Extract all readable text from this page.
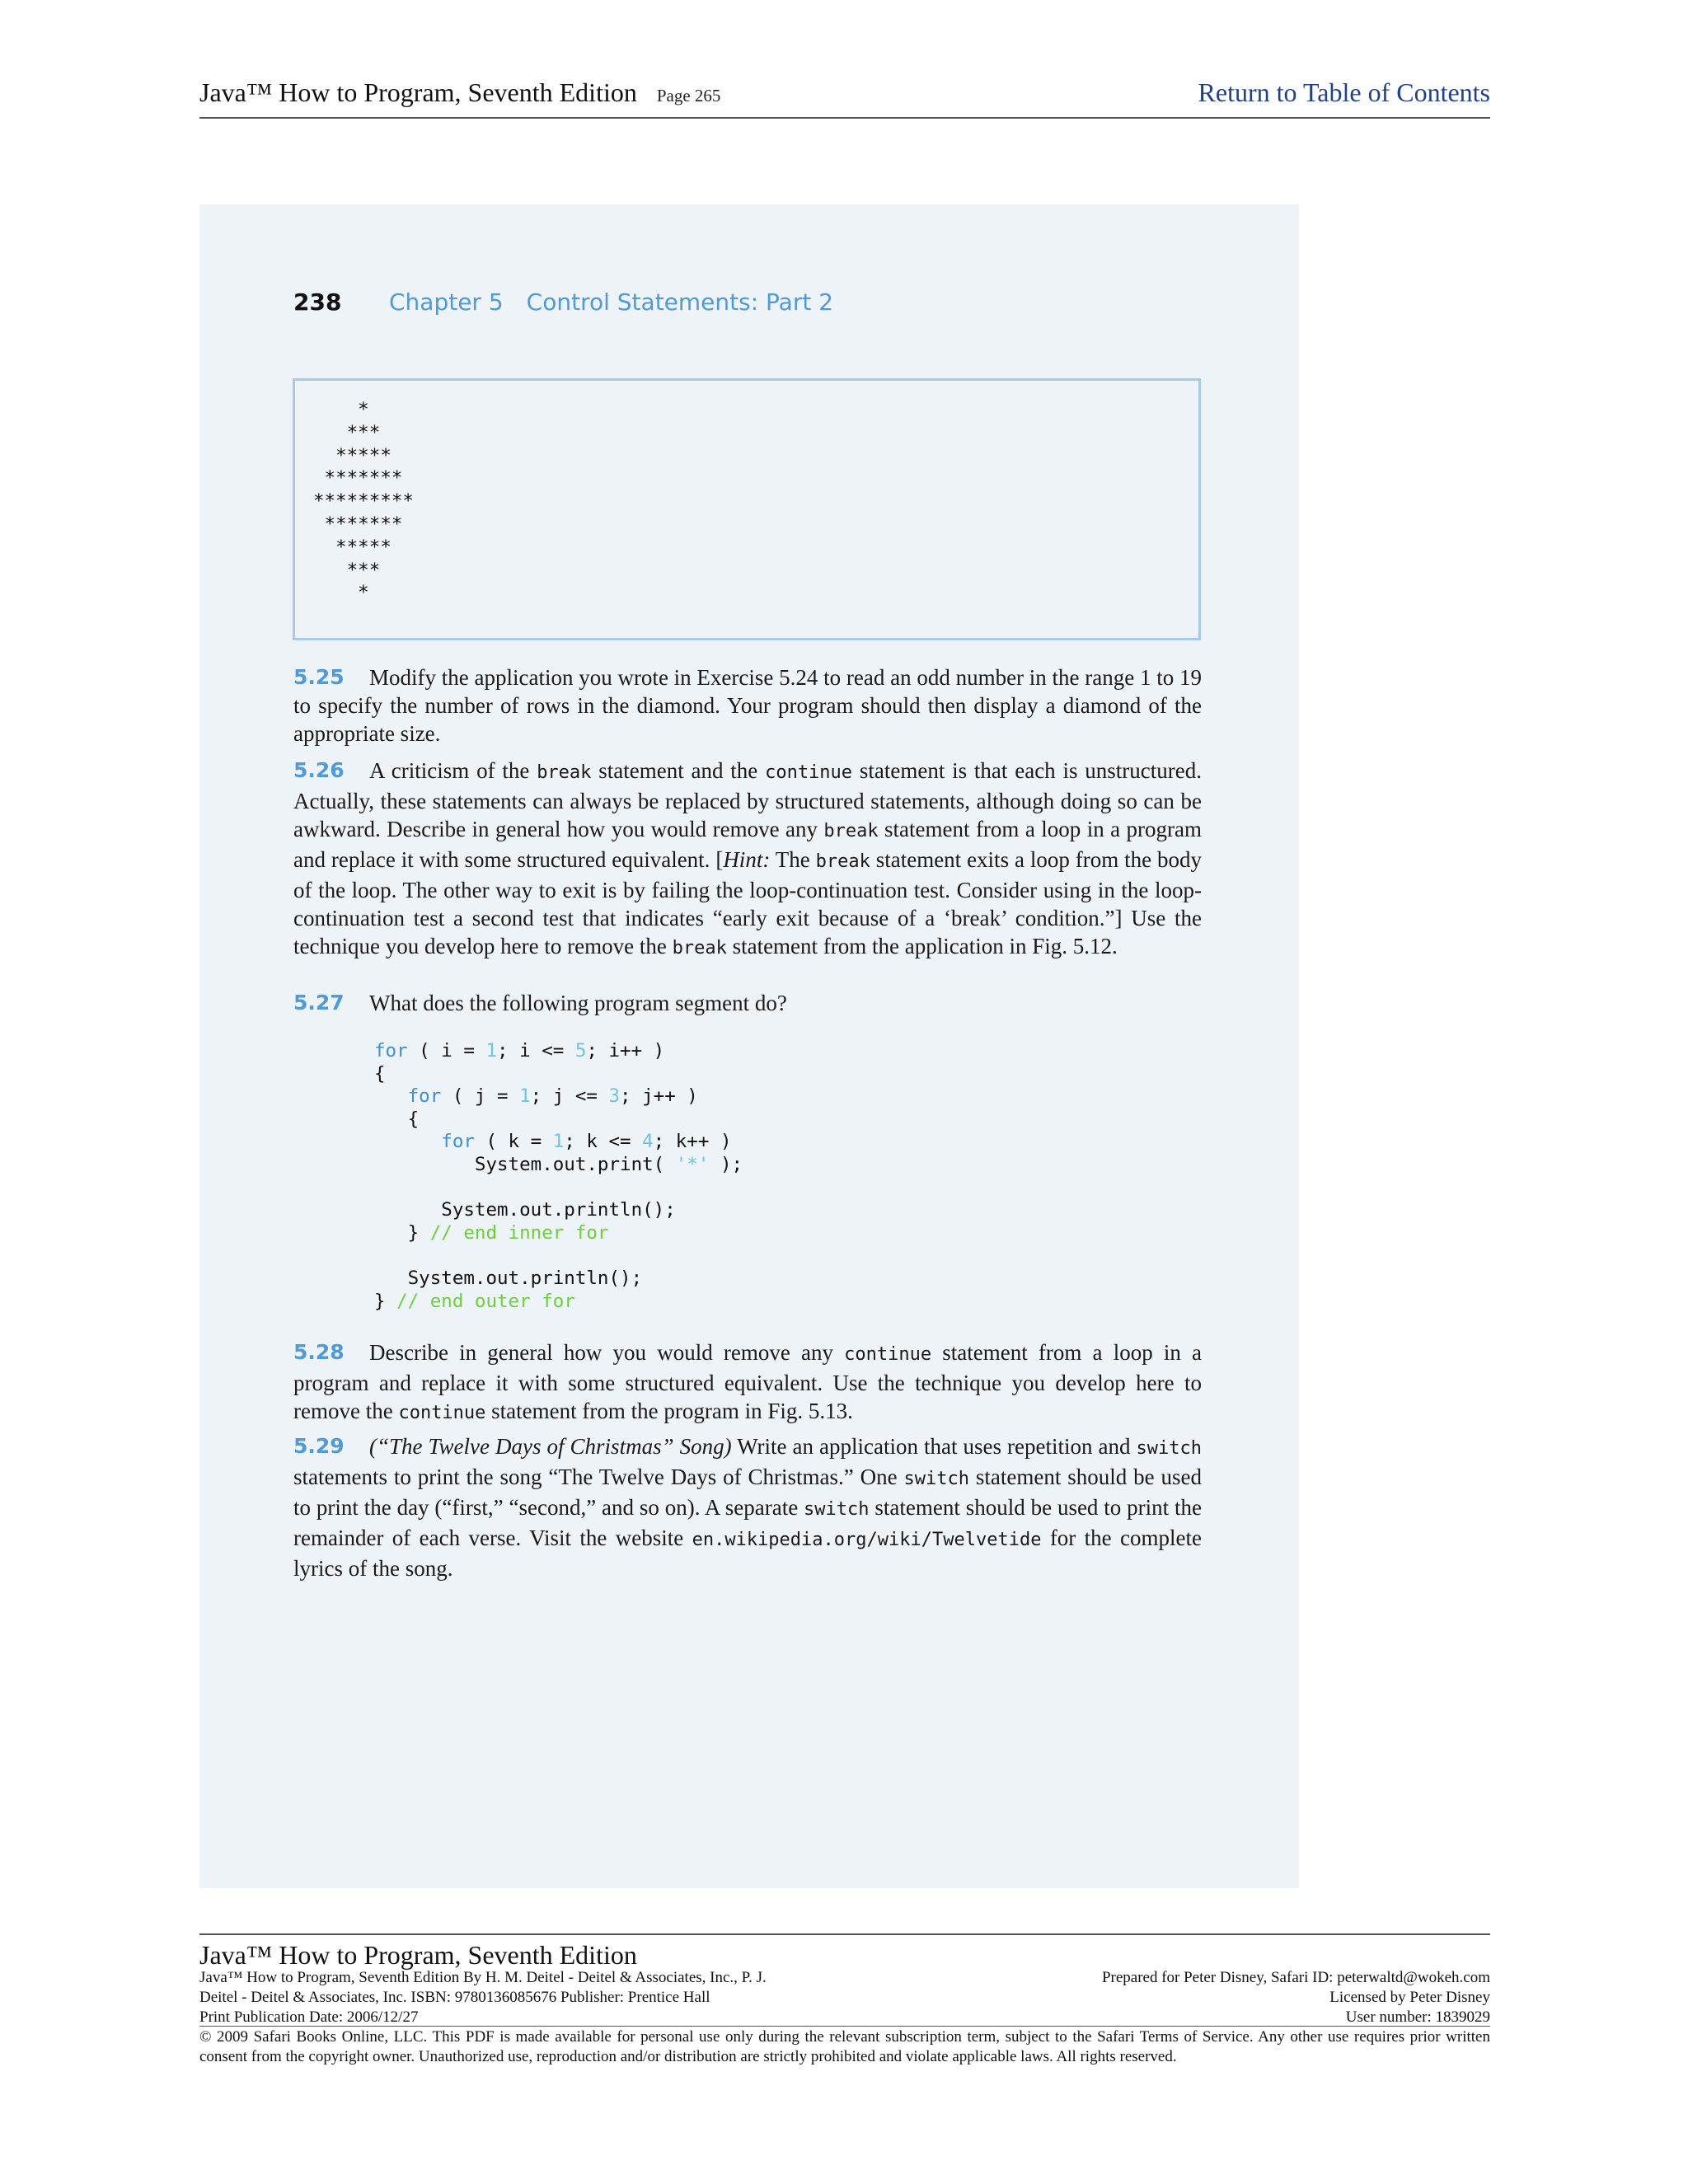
Java™ How to Program, Seventh Edition Page 265	Return to Table of Contents
238 Chapter 5 Control Statements: Part 2
*
***
*****
*******
*********
*******
*****
***
*
5.25	Modify the application you wrote in Exercise 5.24 to read an odd number in the range 1 to 19 to specify the number of rows in the diamond. Your program should then display a diamond of the appropriate size.

5.26	A criticism of the break statement and the continue statement is that each is unstructured. Actually, these statements can always be replaced by structured statements, although doing so can be awkward. Describe in general how you would remove any break statement from a loop in a program and replace it with some structured equivalent. [Hint: The break statement exits a loop from the body of the loop. The other way to exit is by failing the loop-continuation test. Consider using in the loop-continuation test a second test that indicates “early exit because of a ‘break’ condition.”] Use the technique you develop here to remove the break statement from the application in Fig. 5.12.

5.27	What does the following program segment do?

for ( i = 1; i <= 5; i++ )
{
for ( j = 1; j <= 3; j++ )
{
for ( k = 1; k <= 4; k++ )
System.out.print( '*' );

System.out.println();
} // end inner for

System.out.println();
} // end outer for
5.28	Describe in general how you would remove any continue statement from a loop in a program and replace it with some structured equivalent. Use the technique you develop here to remove the continue statement from the program in Fig. 5.13.

5.29	(“The Twelve Days of Christmas” Song) Write an application that uses repetition and switch statements to print the song “The Twelve Days of Christmas.” One switch statement should be used to print the day (“first,” “second,” and so on). A separate switch statement should be used to print the remainder of each verse. Visit the website en.wikipedia.org/wiki/Twelvetide for the complete lyrics of the song.

Java™ How to Program, Seventh Edition
Java™ How to Program, Seventh Edition By H. M. Deitel - Deitel & Associates, Inc., P. J.
Deitel - Deitel & Associates, Inc. ISBN: 9780136085676 Publisher: Prentice Hall
Print Publication Date: 2006/12/27
Prepared for Peter Disney, Safari ID: peterwaltd@wokeh.com
Licensed by Peter Disney
User number: 1839029
© 2009 Safari Books Online, LLC. This PDF is made available for personal use only during the relevant subscription term, subject to the Safari Terms of Service. Any other use requires prior written consent from the copyright owner. Unauthorized use, reproduction and/or distribution are strictly prohibited and violate applicable laws. All rights reserved.
